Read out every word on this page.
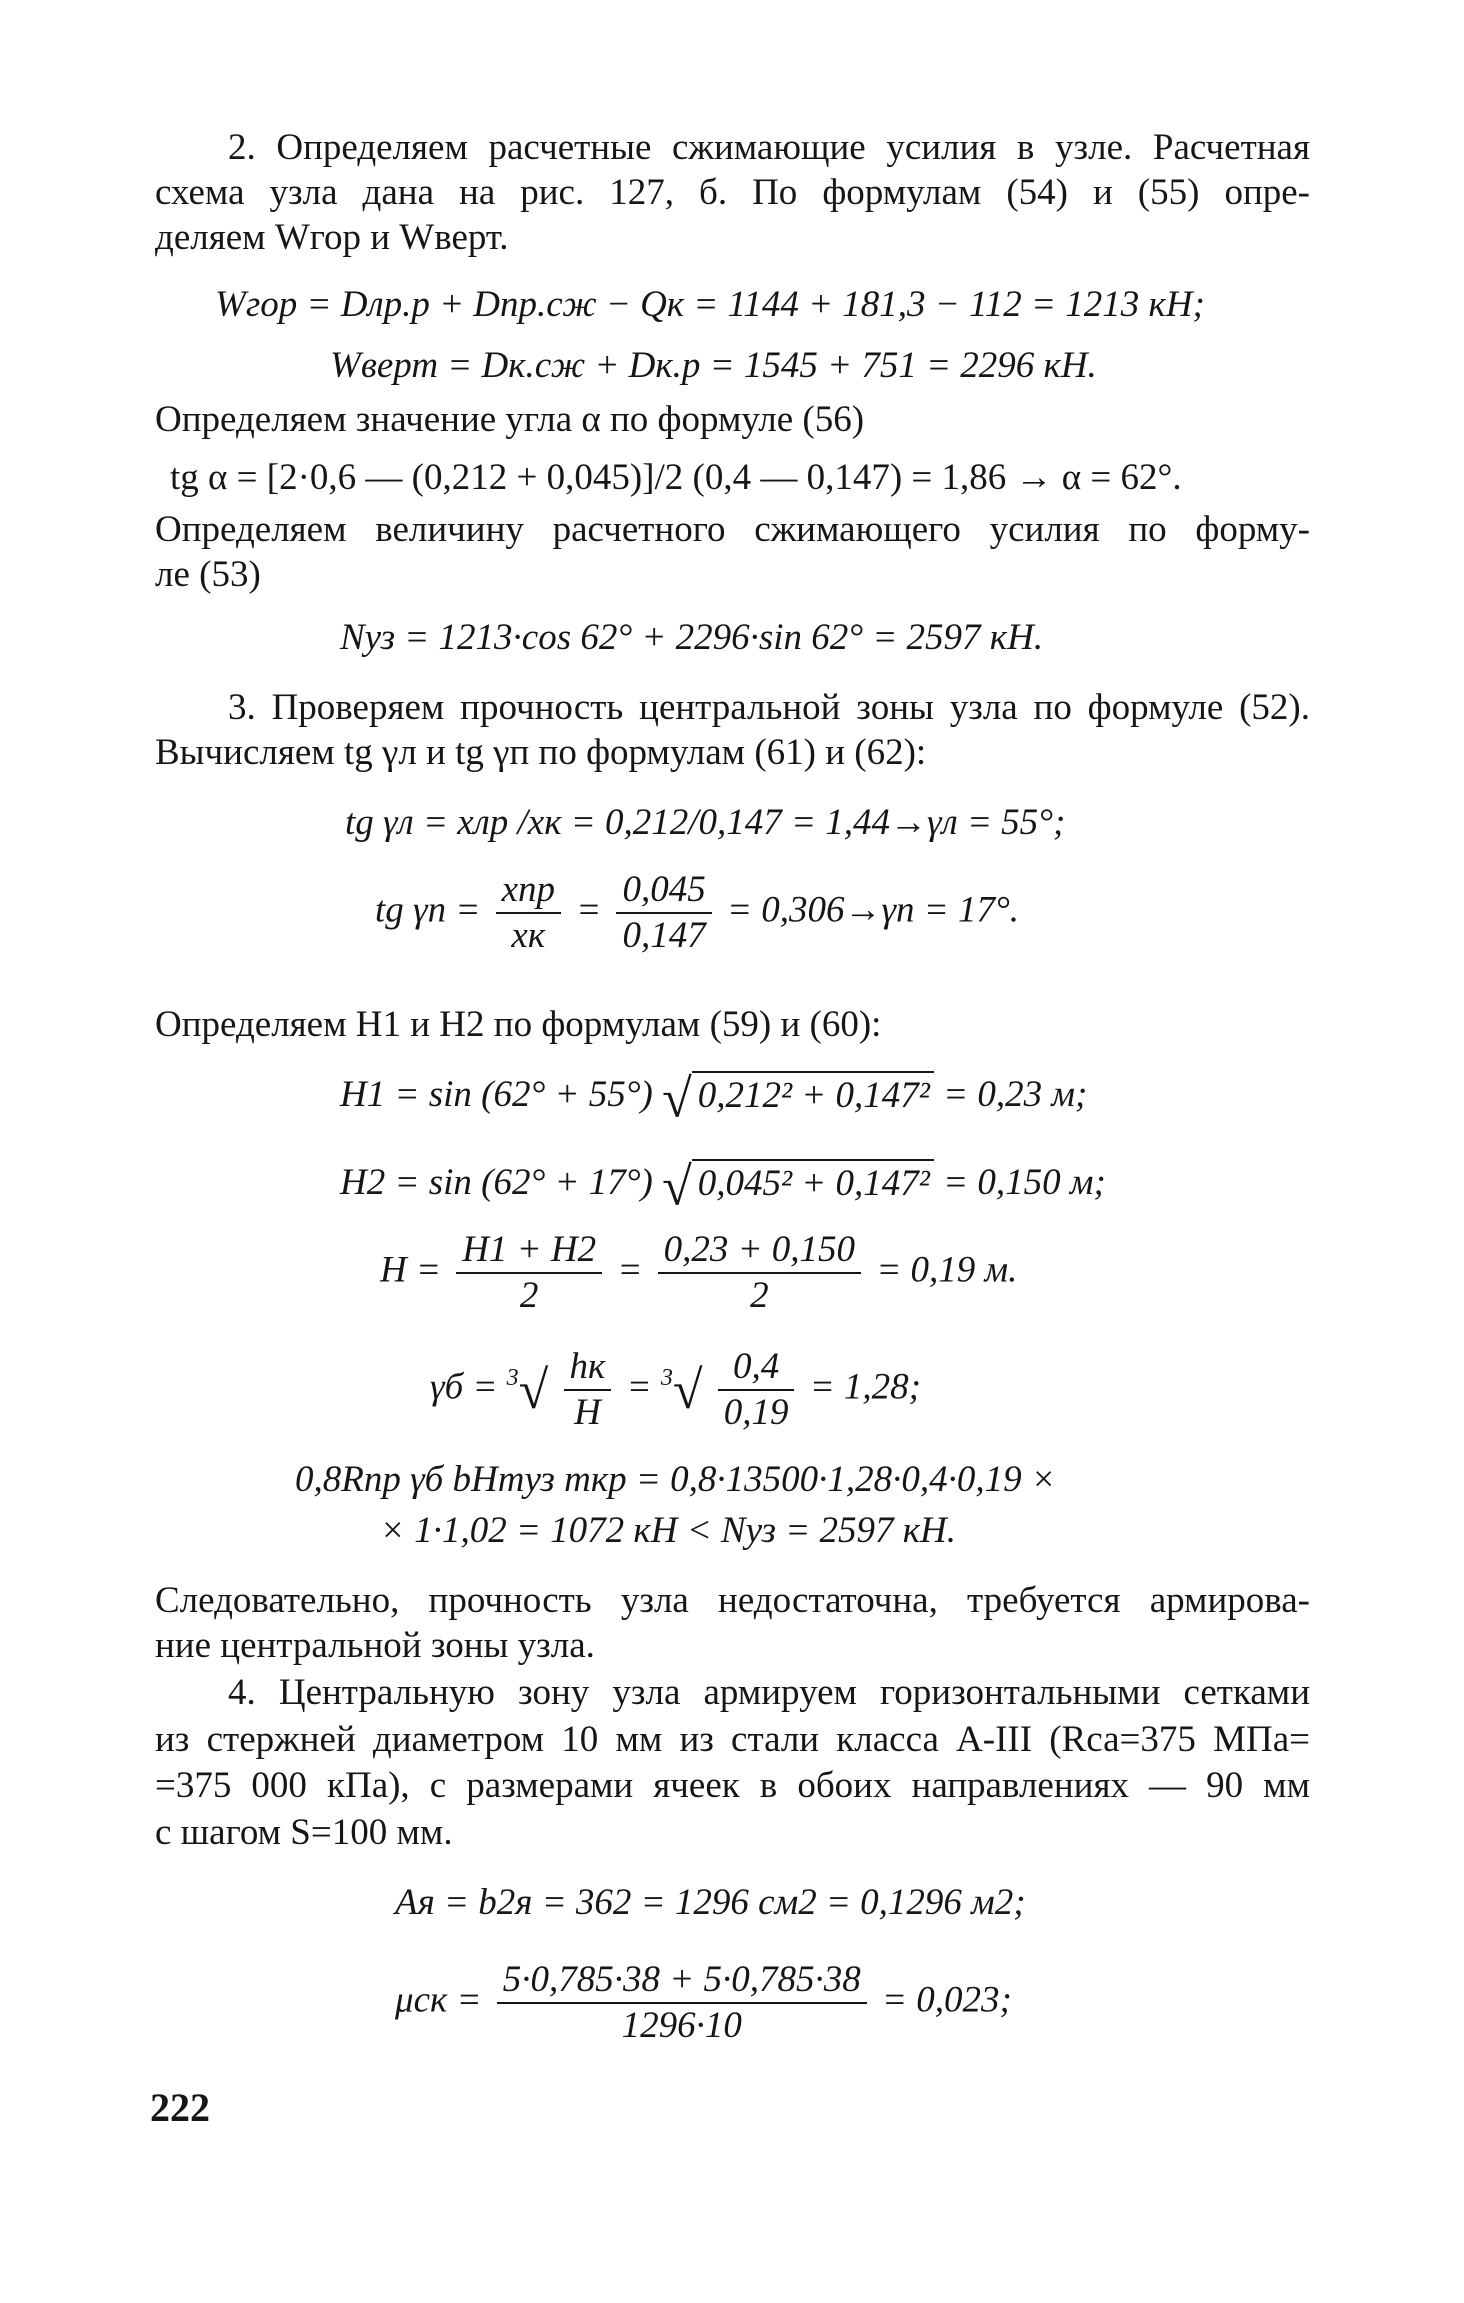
2. Определяем расчетные сжимающие усилия в узле. Расчетная
схема узла дана на рис. 127, б. По формулам (54) и (55) опре-
деляем Wгор и Wверт.
Wгор = Dлр.р + Dпр.сж − Qк = 1144 + 181,3 − 112 = 1213 кН;
Wверт = Dк.сж + Dк.р = 1545 + 751 = 2296 кН.
Определяем значение угла α по формуле (56)
tg α = [2·0,6 — (0,212 + 0,045)]/2 (0,4 — 0,147) = 1,86 → α = 62°.
Определяем величину расчетного сжимающего усилия по форму-
ле (53)
Nуз = 1213·cos 62° + 2296·sin 62° = 2597 кН.
3. Проверяем прочность центральной зоны узла по формуле (52).
Вычисляем tg γл и tg γп по формулам (61) и (62):
tg γл = xлр /xк = 0,212/0,147 = 1,44→γл = 55°;
tg $\gamma п = \frac{\text{xпр}}{xк} = \frac{0,045}{0,147} = 0,306\to\gamma п = 17^\circ$.
Определяем H1 и H2 по формулам (59) и (60):
H1 = sin (62° + 55°) √ 0,212² + 0,147² = 0,23 м;
H2 = sin (62° + 17°) √ 0,045² + 0,147² = 0,150 м;
$H = \frac{H1 + H2}{2} = \frac{0,23 + 0,150}{2} = 0,19$ м.
$\gamma б = ^3√ \frac{hк}{H} = ^3√ \frac{0,4}{0,19} = 1,28$;
0,8Rпр γб bHmуз mкр = 0,8·13500·1,28·0,4·0,19 ×
× 1·1,02 = 1072 кН < Nуз = 2597 кН.
Следовательно, прочность узла недостаточна, требуется армирова-
ние центральной зоны узла.
4. Центральную зону узла армируем горизонтальными сетками
из стержней диаметром 10 мм из стали класса А-III (Rса=375 МПа=
=375 000 кПа), с размерами ячеек в обоих направлениях — 90 мм
с шагом S=100 мм.
Aя = b2я = 362 = 1296 см2 = 0,1296 м2;
$\mu ск = \frac{5\cdot 0,785\cdot 38 + 5\cdot 0,785\cdot 38}{1296\cdot 10} = 0,023$;
222
